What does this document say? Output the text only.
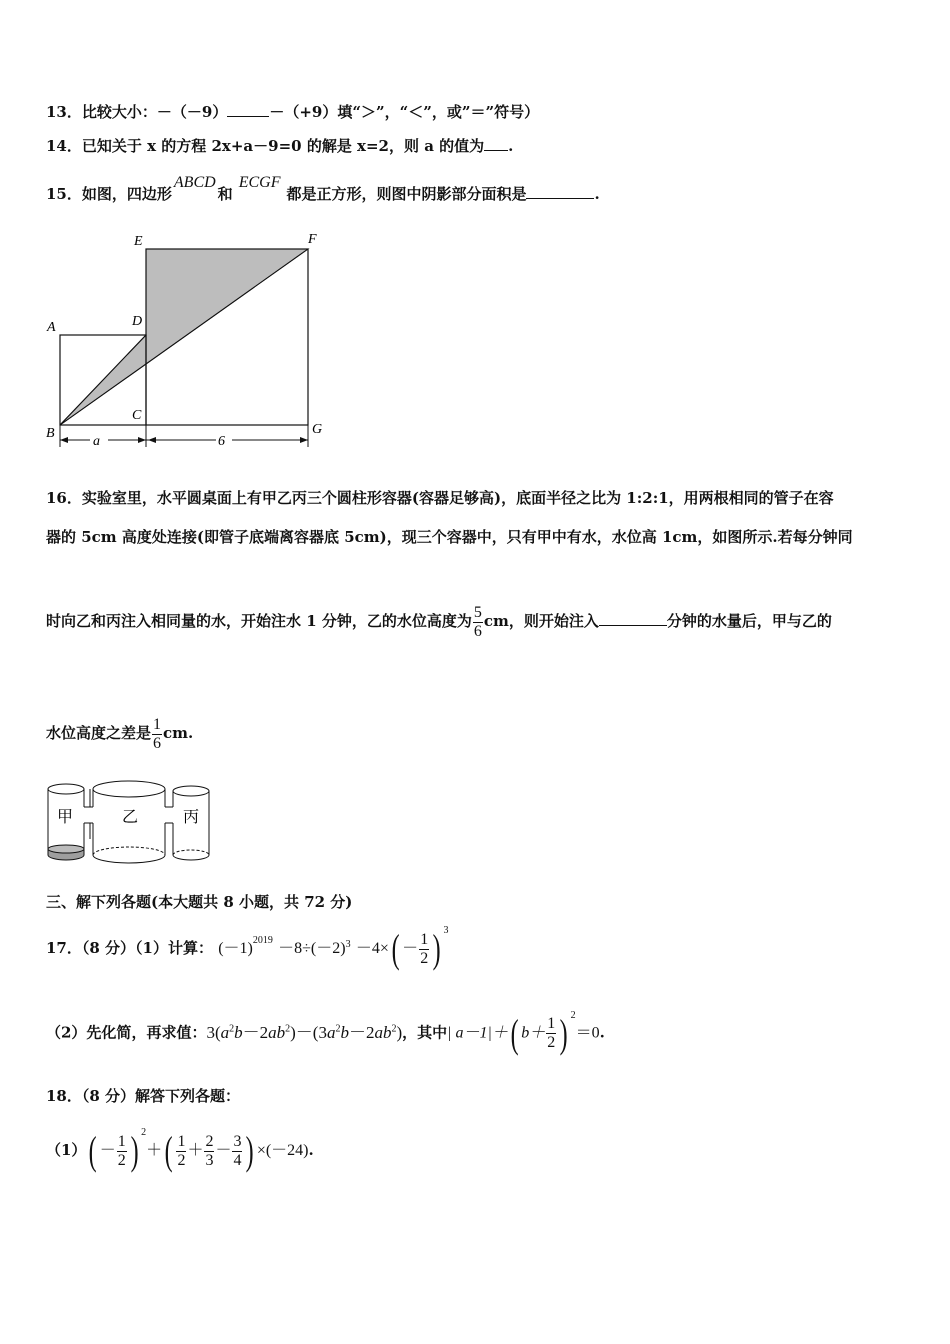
13．比较大小：－（－9）	－（+9）填“＞”，“＜”，或”＝”符号）
14．已知关于 x 的方程 2x+a－9=0 的解是 x=2，则 a 的值为 .
15．如图，四边形ABCD和ECGF都是正方形，则图中阴影部分面积是	.
a	6
A
B
C
D
E	F
G
16．实验室里，水平圆桌面上有甲乙丙三个圆柱形容器(容器足够高)，底面半径之比为 1:2:1，用两根相同的管子在容
器的 5cm 高度处连接(即管子底端离容器底 5cm)，现三个容器中，只有甲中有水，水位高 1cm，如图所示.若每分钟同
时向乙和丙注入相同量的水，开始注水 1 分钟，乙的水位高度为 $\frac{5}{6}$ cm，则开始注入	分钟的水量后，甲与乙的
水位高度之差是 $\frac{1}{6}$ cm.
甲	乙	丙
三、解下列各题(本大题共 8 小题，共 72 分)
17．（8 分）（1）计算： $(-1)^{2019} -8\div(-2)^3 -4\times( - \frac{1}{2}$ ) $^3$
（2）先化简，再求值：$3(a^2b-2ab^2)-(3a^2b-2ab^2)$，其中| a－1|＋( $b+ \frac{1}{2}$ ) $^2$＝0.
18．（8 分）解答下列各题：
$(1)( - \frac{1}{2}$ ) $^2+( \frac{1}{2} + \frac{2}{3} - \frac{3}{4}$ ) ×(－24).
